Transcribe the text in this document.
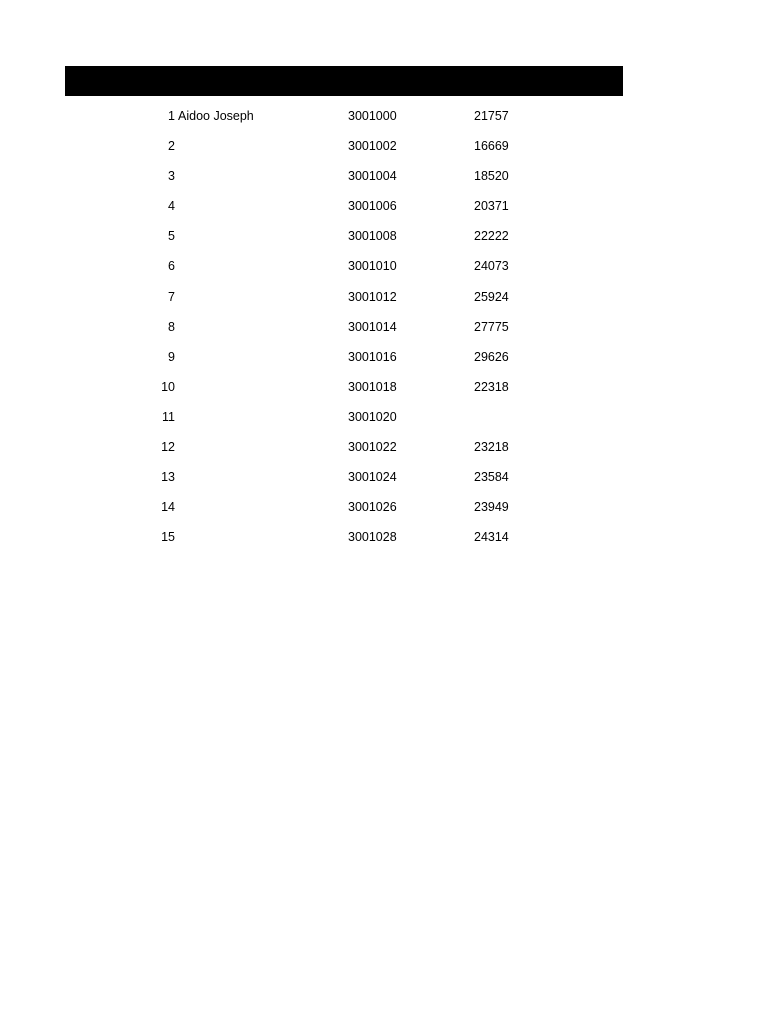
1 Aidoo Joseph	3001000	21757
2	3001002	16669
3	3001004	18520
4	3001006	20371
5	3001008	22222
6	3001010	24073
7	3001012	25924
8	3001014	27775
9	3001016	29626
10	3001018	22318
11	3001020
12	3001022	23218
13	3001024	23584
14	3001026	23949
15	3001028	24314
